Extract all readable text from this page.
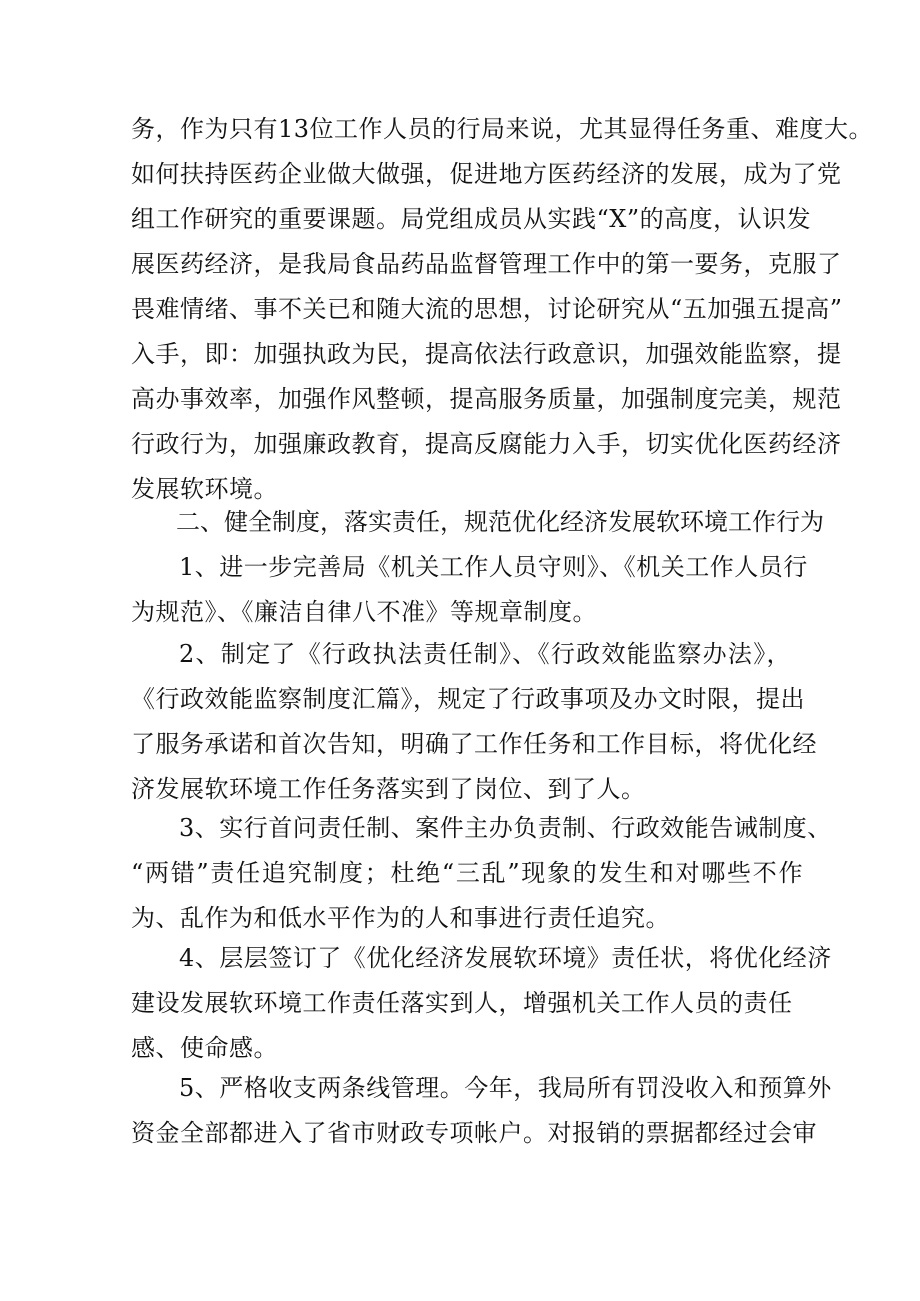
务，作为只有13位工作人员的行局来说，尤其显得任务重、难度大。
如何扶持医药企业做大做强，促进地方医药经济的发展，成为了党
组工作研究的重要课题。局党组成员从实践“X”的高度，认识发
展医药经济，是我局食品药品监督管理工作中的第一要务，克服了
畏难情绪、事不关已和随大流的思想，讨论研究从“五加强五提高”
入手，即：加强执政为民，提高依法行政意识，加强效能监察，提
高办事效率，加强作风整顿，提高服务质量，加强制度完美，规范
行政行为，加强廉政教育，提高反腐能力入手，切实优化医药经济
发展软环境。
二、健全制度，落实责任，规范优化经济发展软环境工作行为
1、进一步完善局《机关工作人员守则》、《机关工作人员行
为规范》、《廉洁自律八不准》等规章制度。
2、制定了《行政执法责任制》、《行政效能监察办法》，
《行政效能监察制度汇篇》，规定了行政事项及办文时限，提出
了服务承诺和首次告知，明确了工作任务和工作目标，将优化经
济发展软环境工作任务落实到了岗位、到了人。
3、实行首问责任制、案件主办负责制、行政效能告诫制度、
“两错”责任追究制度；杜绝“三乱”现象的发生和对哪些不作
为、乱作为和低水平作为的人和事进行责任追究。
4、层层签订了《优化经济发展软环境》责任状，将优化经济
建设发展软环境工作责任落实到人，增强机关工作人员的责任
感、使命感。
5、严格收支两条线管理。今年，我局所有罚没收入和预算外
资金全部都进入了省市财政专项帐户。对报销的票据都经过会审
